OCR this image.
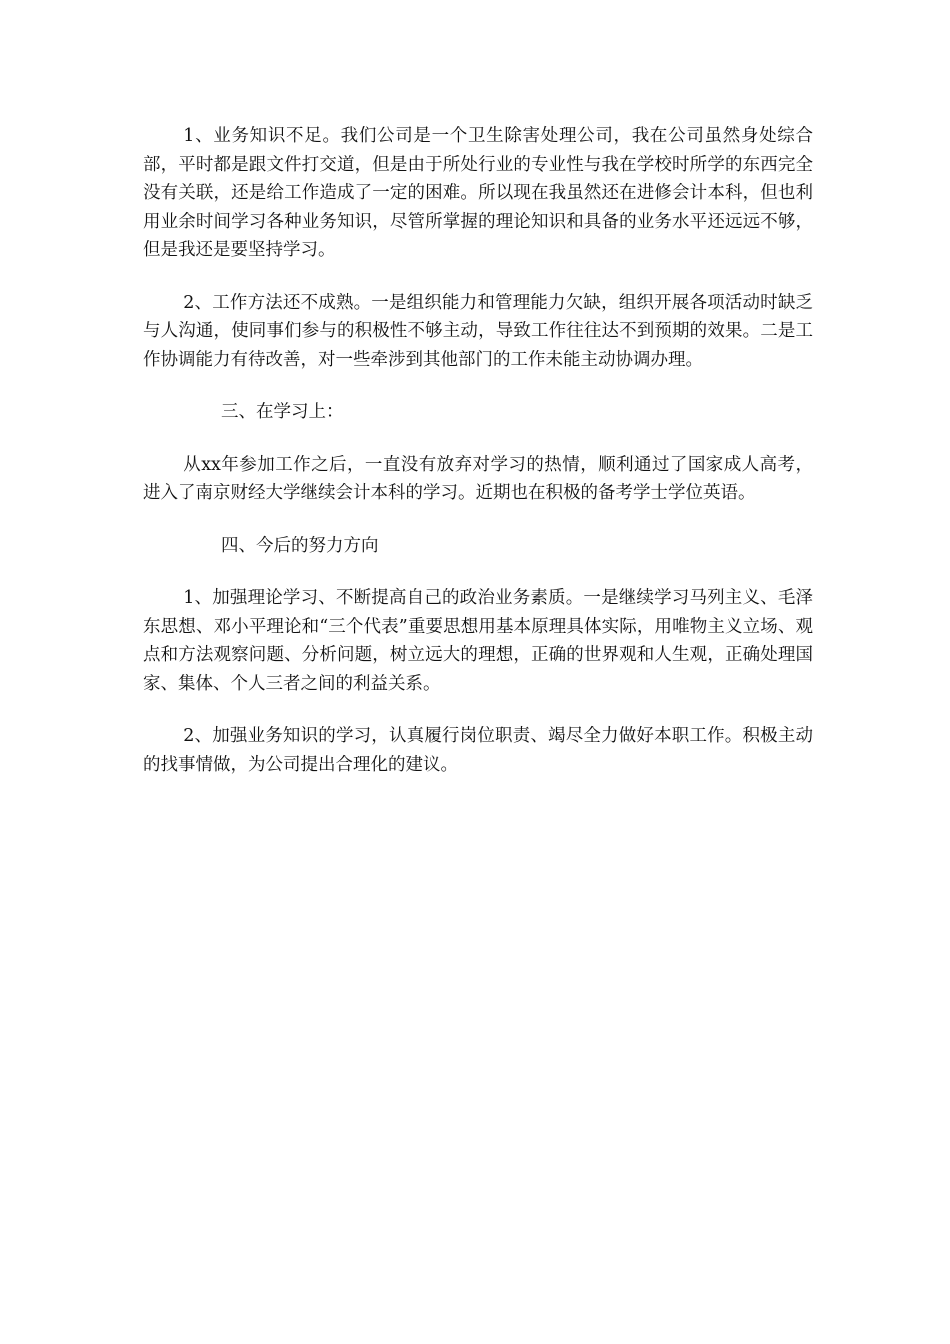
1、业务知识不足。我们公司是一个卫生除害处理公司，我在公司虽然身处综合部，平时都是跟文件打交道，但是由于所处行业的专业性与我在学校时所学的东西完全没有关联，还是给工作造成了一定的困难。所以现在我虽然还在进修会计本科，但也利用业余时间学习各种业务知识，尽管所掌握的理论知识和具备的业务水平还远远不够，但是我还是要坚持学习。

2、工作方法还不成熟。一是组织能力和管理能力欠缺，组织开展各项活动时缺乏与人沟通，使同事们参与的积极性不够主动，导致工作往往达不到预期的效果。二是工作协调能力有待改善，对一些牵涉到其他部门的工作未能主动协调办理。

三、在学习上：

从xx年参加工作之后，一直没有放弃对学习的热情，顺利通过了国家成人高考，进入了南京财经大学继续会计本科的学习。近期也在积极的备考学士学位英语。

四、今后的努力方向

1、加强理论学习、不断提高自己的政治业务素质。一是继续学习马列主义、毛泽东思想、邓小平理论和“三个代表”重要思想用基本原理具体实际，用唯物主义立场、观点和方法观察问题、分析问题，树立远大的理想，正确的世界观和人生观，正确处理国家、集体、个人三者之间的利益关系。

2、加强业务知识的学习，认真履行岗位职责、竭尽全力做好本职工作。积极主动的找事情做，为公司提出合理化的建议。
